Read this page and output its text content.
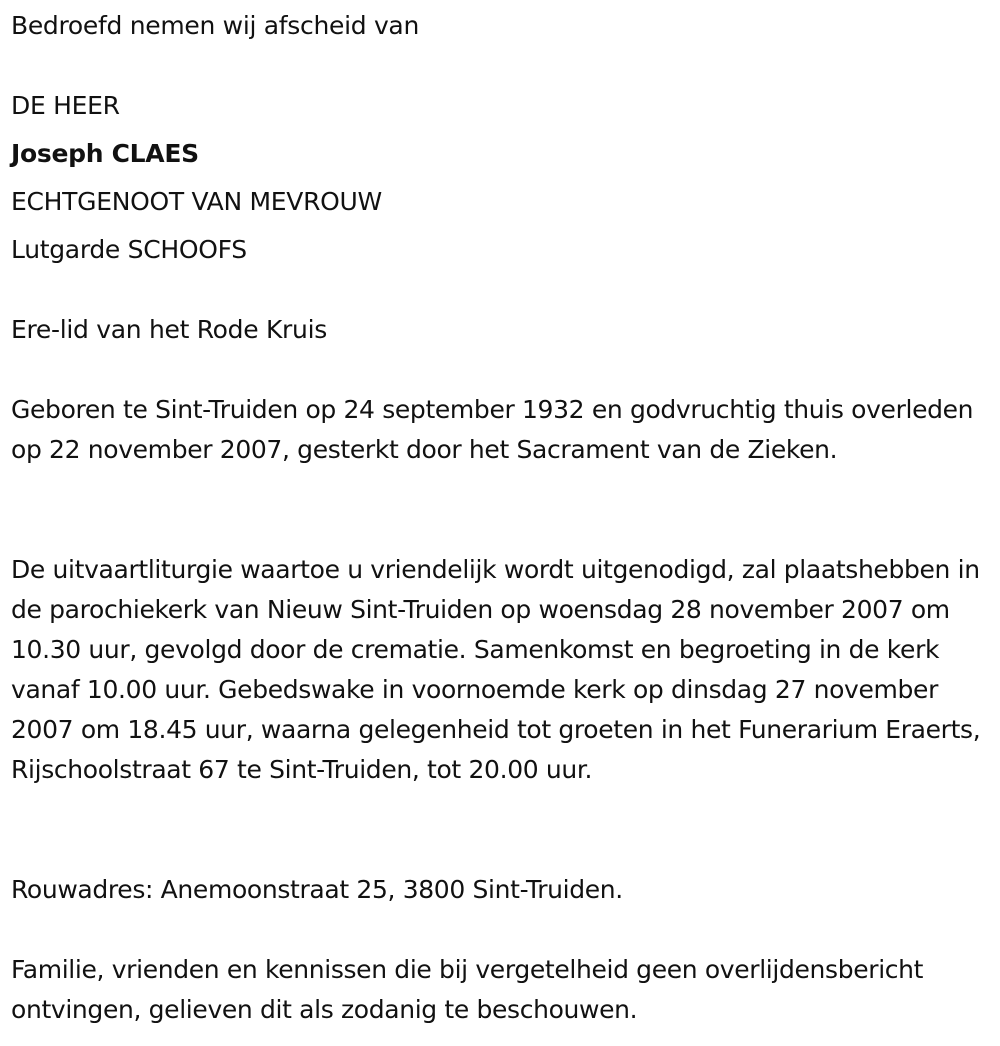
Bedroefd nemen wij afscheid van
DE HEER
Joseph CLAES
ECHTGENOOT VAN MEVROUW
Lutgarde SCHOOFS
Ere-lid van het Rode Kruis
Geboren te Sint-Truiden op 24 september 1932 en godvruchtig thuis overleden op 22 november 2007, gesterkt door het Sacrament van de Zieken.
De uitvaartliturgie waartoe u vriendelijk wordt uitgenodigd, zal plaatshebben in de parochiekerk van Nieuw Sint-Truiden op woensdag 28 november 2007 om 10.30 uur, gevolgd door de crematie. Samenkomst en begroeting in de kerk vanaf 10.00 uur. Gebedswake in voornoemde kerk op dinsdag 27 november 2007 om 18.45 uur, waarna gelegenheid tot groeten in het Funerarium Eraerts, Rijschoolstraat 67 te Sint-Truiden, tot 20.00 uur.
Rouwadres: Anemoonstraat 25, 3800 Sint-Truiden.
Familie, vrienden en kennissen die bij vergetelheid geen overlijdensbericht ontvingen, gelieven dit als zodanig te beschouwen.
